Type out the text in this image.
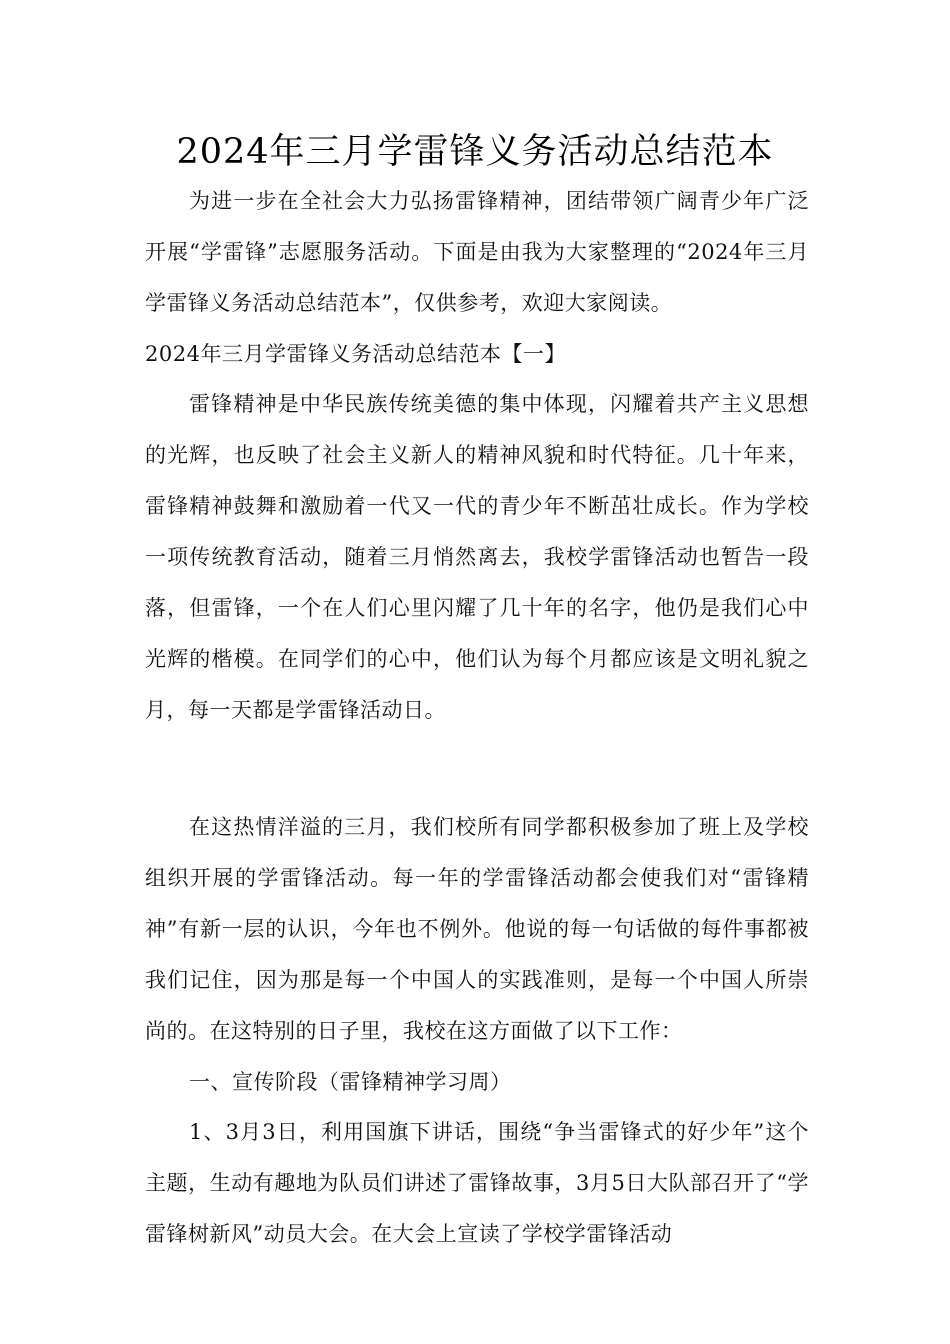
2024年三月学雷锋义务活动总结范本

为进一步在全社会大力弘扬雷锋精神，团结带领广阔青少年广泛开展“学雷锋”志愿服务活动。下面是由我为大家整理的“2024年三月学雷锋义务活动总结范本”，仅供参考，欢迎大家阅读。

2024年三月学雷锋义务活动总结范本【一】

雷锋精神是中华民族传统美德的集中体现，闪耀着共产主义思想的光辉，也反映了社会主义新人的精神风貌和时代特征。几十年来，雷锋精神鼓舞和激励着一代又一代的青少年不断茁壮成长。作为学校一项传统教育活动，随着三月悄然离去，我校学雷锋活动也暂告一段落，但雷锋，一个在人们心里闪耀了几十年的名字，他仍是我们心中光辉的楷模。在同学们的心中，他们认为每个月都应该是文明礼貌之月，每一天都是学雷锋活动日。

在这热情洋溢的三月，我们校所有同学都积极参加了班上及学校组织开展的学雷锋活动。每一年的学雷锋活动都会使我们对“雷锋精神”有新一层的认识，今年也不例外。他说的每一句话做的每件事都被我们记住，因为那是每一个中国人的实践准则，是每一个中国人所崇尚的。在这特别的日子里，我校在这方面做了以下工作：

一、宣传阶段（雷锋精神学习周）

1、3月3日，利用国旗下讲话，围绕“争当雷锋式的好少年”这个主题，生动有趣地为队员们讲述了雷锋故事，3月5日大队部召开了“学雷锋树新风”动员大会。在大会上宣读了学校学雷锋活动
